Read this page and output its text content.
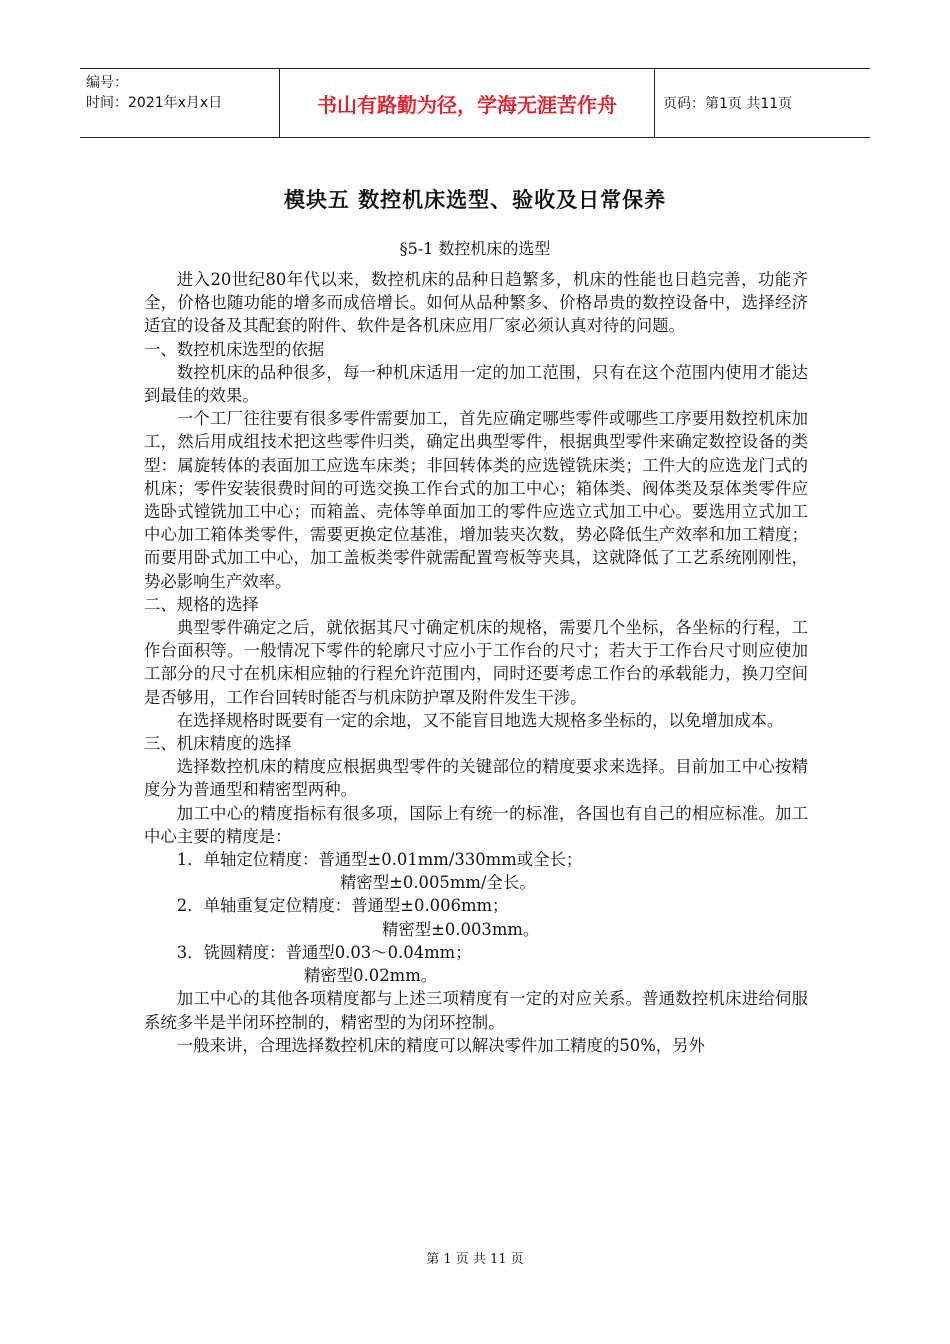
编号：
时间：2021年x月x日	书山有路勤为径，学海无涯苦作舟	页码：第1页 共11页
模块五 数控机床选型、验收及日常保养
§5-1 数控机床的选型

进入20世纪80年代以来，数控机床的品种日趋繁多，机床的性能也日趋完善，功能齐全，价格也随功能的增多而成倍增长。如何从品种繁多、价格昂贵的数控设备中，选择经济适宜的设备及其配套的附件、软件是各机床应用厂家必须认真对待的问题。

一、数控机床选型的依据

数控机床的品种很多，每一种机床适用一定的加工范围，只有在这个范围内使用才能达到最佳的效果。

一个工厂往往要有很多零件需要加工，首先应确定哪些零件或哪些工序要用数控机床加工，然后用成组技术把这些零件归类，确定出典型零件，根据典型零件来确定数控设备的类型：属旋转体的表面加工应选车床类；非回转体类的应选镗铣床类；工件大的应选龙门式的机床；零件安装很费时间的可选交换工作台式的加工中心；箱体类、阀体类及泵体类零件应选卧式镗铣加工中心；而箱盖、壳体等单面加工的零件应选立式加工中心。要选用立式加工中心加工箱体类零件，需要更换定位基准，增加装夹次数，势必降低生产效率和加工精度；而要用卧式加工中心，加工盖板类零件就需配置弯板等夹具，这就降低了工艺系统刚刚性，势必影响生产效率。

二、规格的选择

典型零件确定之后，就依据其尺寸确定机床的规格，需要几个坐标，各坐标的行程，工作台面积等。一般情况下零件的轮廓尺寸应小于工作台的尺寸；若大于工作台尺寸则应使加工部分的尺寸在机床相应轴的行程允许范围内，同时还要考虑工作台的承载能力，换刀空间是否够用，工作台回转时能否与机床防护罩及附件发生干涉。

在选择规格时既要有一定的余地，又不能盲目地选大规格多坐标的，以免增加成本。

三、机床精度的选择

选择数控机床的精度应根据典型零件的关键部位的精度要求来选择。目前加工中心按精度分为普通型和精密型两种。

加工中心的精度指标有很多项，国际上有统一的标准，各国也有自己的相应标准。加工中心主要的精度是：

1．单轴定位精度：普通型±0.01mm/330mm或全长；

精密型±0.005mm/全长。

2．单轴重复定位精度：普通型±0.006mm；

精密型±0.003mm。

3．铣圆精度：普通型0.03～0.04mm；

精密型0.02mm。

加工中心的其他各项精度都与上述三项精度有一定的对应关系。普通数控机床进给伺服系统多半是半闭环控制的，精密型的为闭环控制。

一般来讲，合理选择数控机床的精度可以解决零件加工精度的50%，另外

第 1 页 共 11 页
